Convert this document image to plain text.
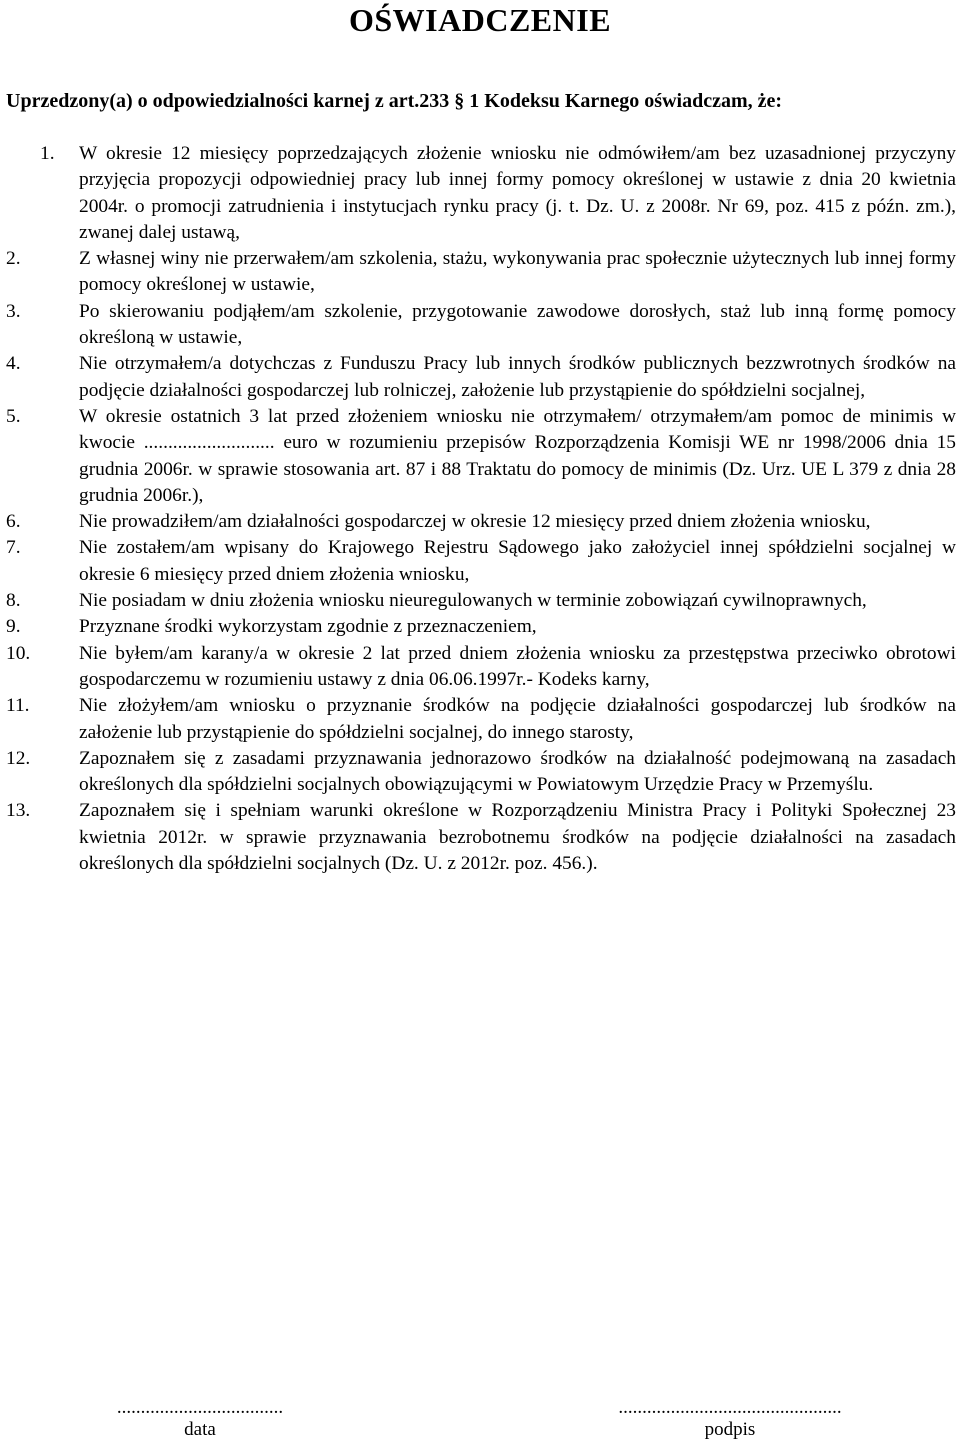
OŚWIADCZENIE

Uprzedzony(a) o odpowiedzialności karnej z art.233 § 1 Kodeksu Karnego oświadczam, że:

1.	W okresie 12 miesięcy poprzedzających złożenie wniosku nie odmówiłem/am bez uzasadnionej przyczyny przyjęcia propozycji odpowiedniej pracy lub innej formy pomocy określonej w ustawie z dnia 20 kwietnia 2004r. o promocji zatrudnienia i instytucjach rynku pracy (j. t. Dz. U. z 2008r. Nr 69, poz. 415 z późn. zm.), zwanej dalej ustawą,
2.	Z własnej winy nie przerwałem/am szkolenia, stażu, wykonywania prac społecznie użytecznych lub innej formy pomocy określonej w ustawie,
3.	Po skierowaniu podjąłem/am szkolenie, przygotowanie zawodowe dorosłych, staż lub inną formę pomocy określoną w ustawie,
4.	Nie otrzymałem/a dotychczas z Funduszu Pracy lub innych środków publicznych bezzwrotnych środków na podjęcie działalności gospodarczej lub rolniczej, założenie lub przystąpienie do spółdzielni socjalnej,
5.	W okresie ostatnich 3 lat przed złożeniem wniosku nie otrzymałem/ otrzymałem/am pomoc de minimis w kwocie ........................... euro w rozumieniu przepisów Rozporządzenia Komisji WE nr 1998/2006 dnia 15 grudnia 2006r. w sprawie stosowania art. 87 i 88 Traktatu do pomocy de minimis (Dz. Urz. UE L 379 z dnia 28 grudnia 2006r.),
6.	Nie prowadziłem/am działalności gospodarczej w okresie 12 miesięcy przed dniem złożenia wniosku,
7.	Nie zostałem/am wpisany do Krajowego Rejestru Sądowego jako założyciel innej spółdzielni socjalnej w okresie 6 miesięcy przed dniem złożenia wniosku,
8.	Nie posiadam w dniu złożenia wniosku nieuregulowanych w terminie zobowiązań cywilnoprawnych,
9.	Przyznane środki wykorzystam zgodnie z przeznaczeniem,
10.	Nie byłem/am karany/a w okresie 2 lat przed dniem złożenia wniosku za przestępstwa przeciwko obrotowi gospodarczemu w rozumieniu ustawy z dnia 06.06.1997r.- Kodeks karny,
11.	Nie złożyłem/am wniosku o przyznanie środków na podjęcie działalności gospodarczej lub środków na założenie lub przystąpienie do spółdzielni socjalnej, do innego starosty,
12.	Zapoznałem się z zasadami przyznawania jednorazowo środków na działalność podejmowaną na zasadach określonych dla spółdzielni socjalnych obowiązującymi w Powiatowym Urzędzie Pracy w Przemyślu.
13.	Zapoznałem się i spełniam warunki określone w Rozporządzeniu Ministra Pracy i Polityki Społecznej 23 kwietnia 2012r. w sprawie przyznawania bezrobotnemu środków na podjęcie działalności na zasadach określonych dla spółdzielni socjalnych (Dz. U. z 2012r. poz. 456.).
...................................
data
...............................................
podpis
